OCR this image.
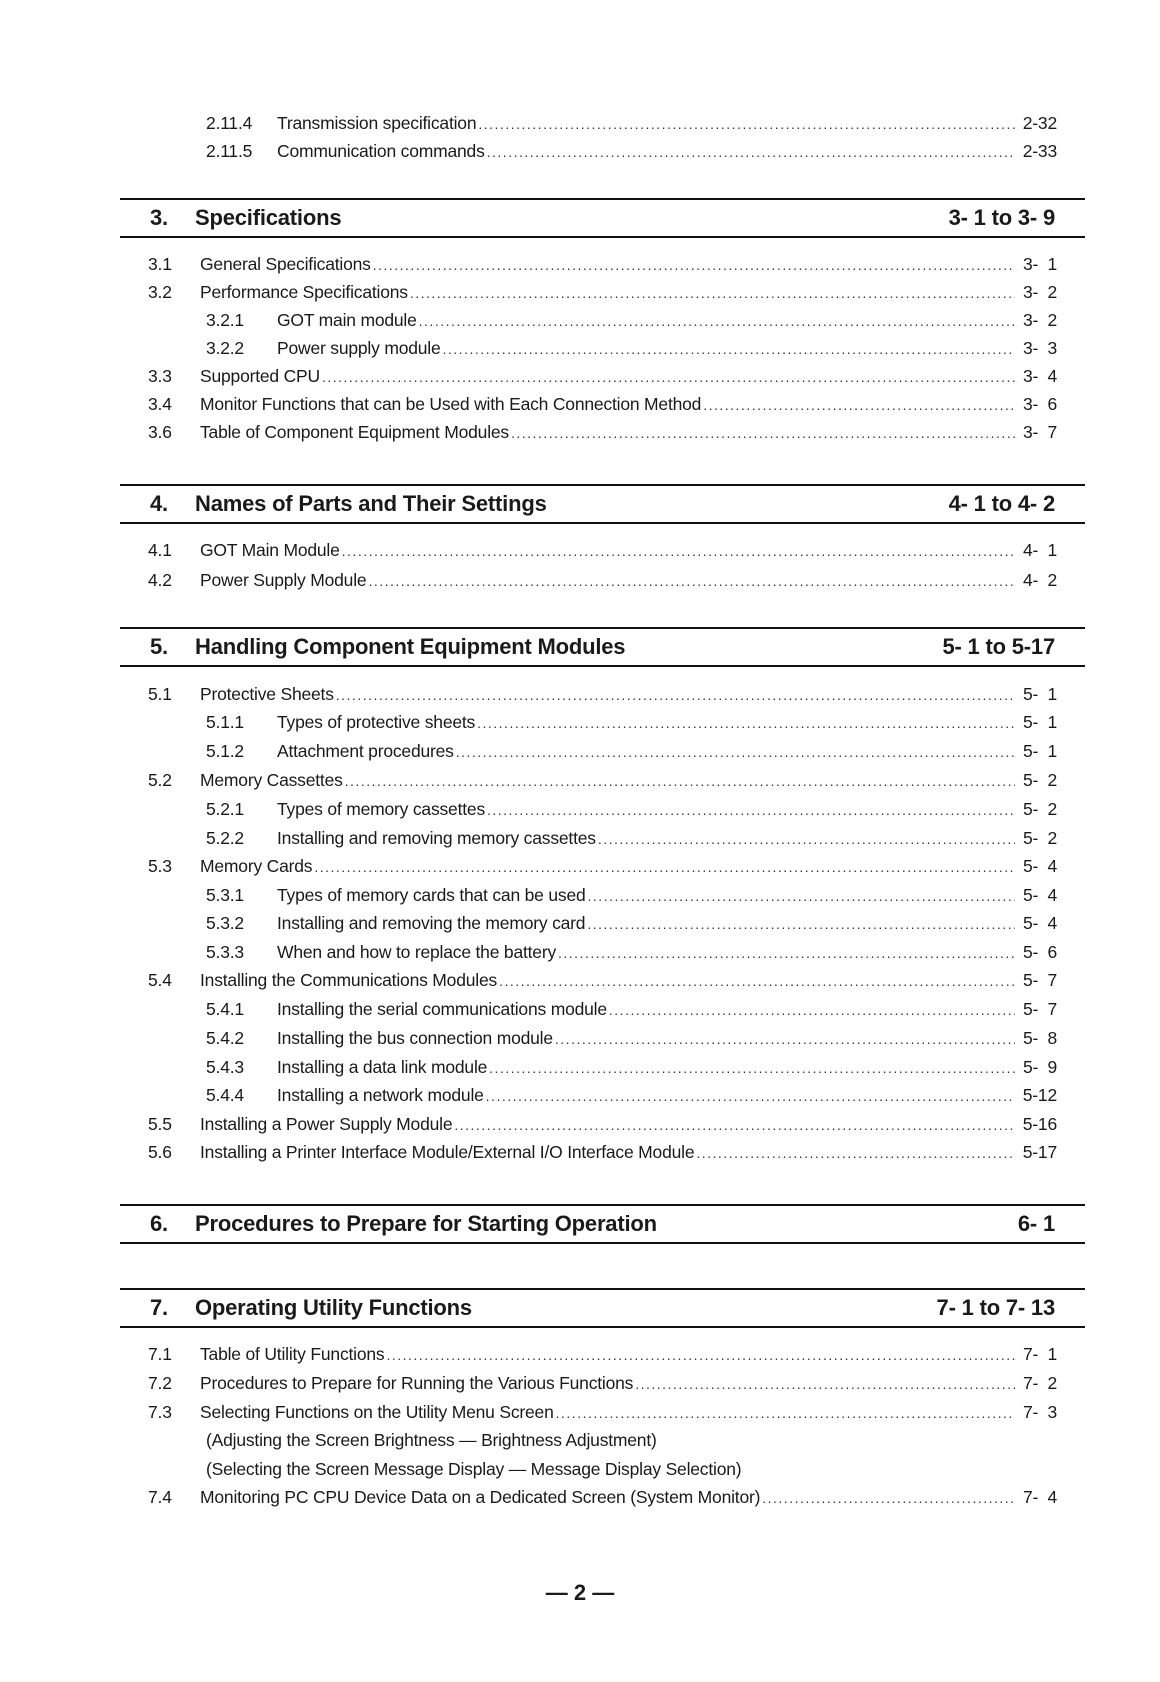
2.11.4	Transmission specification .....	2-32
2.11.5	Communication commands .....	2-33
3.	Specifications	3- 1 to 3- 9
3.1	General Specifications .....	3-  1
3.2	Performance Specifications .....	3-  2
3.2.1	GOT main module .....	3-  2
3.2.2	Power supply module .....	3-  3
3.3	Supported CPU .....	3-  4
3.4	Monitor Functions that can be Used with Each Connection Method .....	3-  6
3.6	Table of Component Equipment Modules .....	3-  7
4.	Names of Parts and Their Settings	4- 1 to 4- 2
4.1	GOT Main Module .....	4-  1
4.2	Power Supply Module .....	4-  2
5.	Handling Component Equipment Modules	5- 1 to 5-17
5.1	Protective Sheets .....	5-  1
5.1.1	Types of protective sheets .....	5-  1
5.1.2	Attachment procedures .....	5-  1
5.2	Memory Cassettes .....	5-  2
5.2.1	Types of memory cassettes .....	5-  2
5.2.2	Installing and removing memory cassettes .....	5-  2
5.3	Memory Cards .....	5-  4
5.3.1	Types of memory cards that can be used .....	5-  4
5.3.2	Installing and removing the memory card .....	5-  4
5.3.3	When and how to replace the battery .....	5-  6
5.4	Installing the Communications Modules .....	5-  7
5.4.1	Installing the serial communications module .....	5-  7
5.4.2	Installing the bus connection module .....	5-  8
5.4.3	Installing a data link module .....	5-  9
5.4.4	Installing a network module .....	5-12
5.5	Installing a Power Supply Module .....	5-16
5.6	Installing a Printer Interface Module/External I/O Interface Module .....	5-17
6.	Procedures to Prepare for Starting Operation	6- 1
7.	Operating Utility Functions	7- 1 to 7- 13
7.1	Table of Utility Functions .....	7-  1
7.2	Procedures to Prepare for Running the Various Functions .....	7-  2
7.3	Selecting Functions on the Utility Menu Screen .....	7-  3
(Adjusting the Screen Brightness — Brightness Adjustment)
(Selecting the Screen Message Display — Message Display Selection)
7.4	Monitoring PC CPU Device Data on a Dedicated Screen (System Monitor) .....	7-  4
— 2 —
